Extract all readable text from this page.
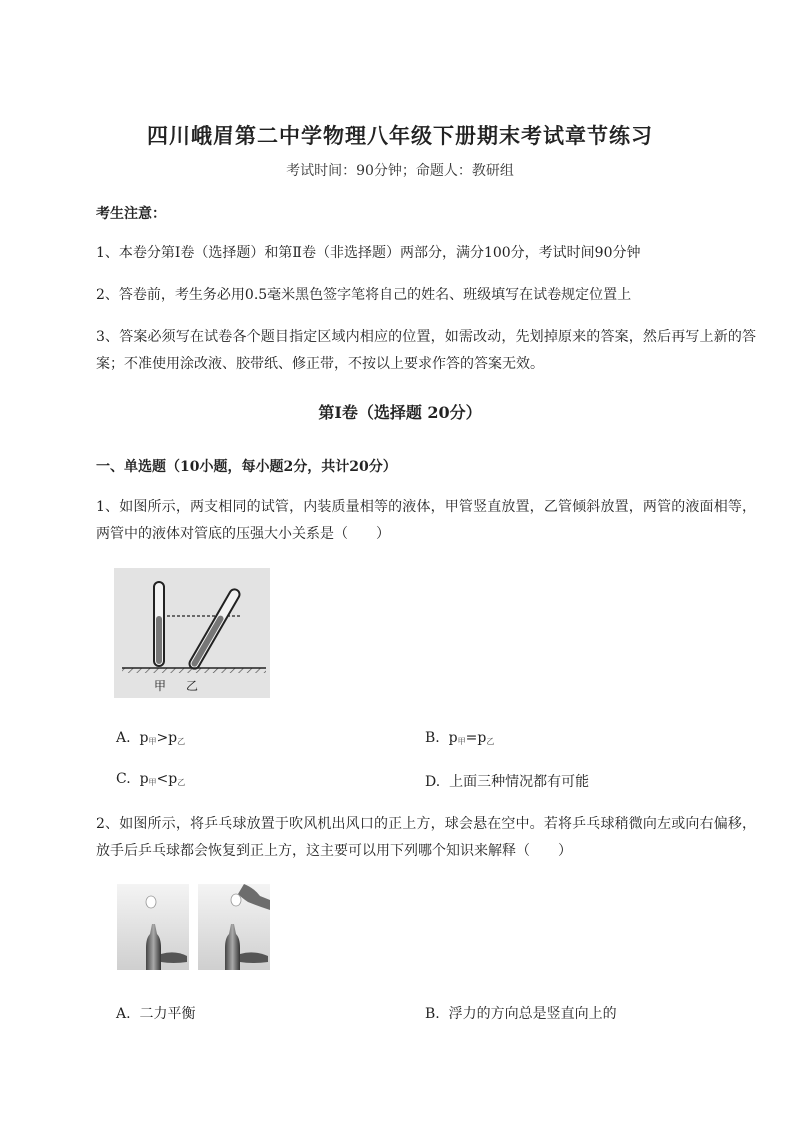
四川峨眉第二中学物理八年级下册期末考试章节练习
考试时间：90分钟；命题人：教研组
考生注意：
1、本卷分第I卷（选择题）和第Ⅱ卷（非选择题）两部分，满分100分，考试时间90分钟
2、答卷前，考生务必用0.5毫米黑色签字笔将自己的姓名、班级填写在试卷规定位置上
3、答案必须写在试卷各个题目指定区域内相应的位置，如需改动，先划掉原来的答案，然后再写上新的答案；不准使用涂改液、胶带纸、修正带，不按以上要求作答的答案无效。
第I卷（选择题 20分）
一、单选题（10小题，每小题2分，共计20分）
1、如图所示，两支相同的试管，内装质量相等的液体，甲管竖直放置，乙管倾斜放置，两管的液面相等，两管中的液体对管底的压强大小关系是（　　）
甲 乙
A. $p_甲>p_乙$	B. $p_甲=p_乙$
C. $p_甲<p_乙$	D. 上面三种情况都有可能
2、如图所示，将乒乓球放置于吹风机出风口的正上方，球会悬在空中。若将乒乓球稍微向左或向右偏移，放手后乒乓球都会恢复到正上方，这主要可以用下列哪个知识来解释（　　）
A. 二力平衡	B. 浮力的方向总是竖直向上的
